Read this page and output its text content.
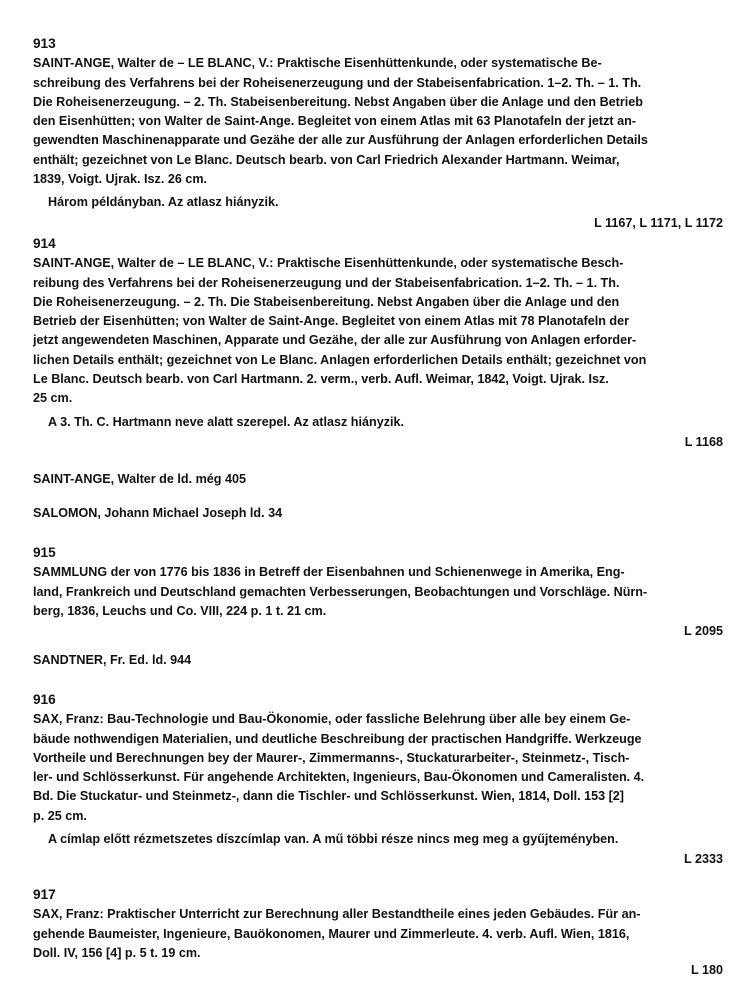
913
SAINT-ANGE, Walter de – LE BLANC, V.: Praktische Eisenhüttenkunde, oder systematische Be-
schreibung des Verfahrens bei der Roheisenerzeugung und der Stabeisenfabrication. 1–2. Th. – 1. Th.
Die Roheisenerzeugung. – 2. Th. Stabeisenbereitung. Nebst Angaben über die Anlage und den Betrieb
den Eisenhütten; von Walter de Saint-Ange. Begleitet von einem Atlas mit 63 Planotafeln der jetzt an-
gewendten Maschinenapparate und Gezähe der alle zur Ausführung der Anlagen erforderlichen Details
enthält; gezeichnet von Le Blanc. Deutsch bearb. von Carl Friedrich Alexander Hartmann. Weimar,
1839, Voigt. Ujrak. Isz. 26 cm.
Három példányban. Az atlasz hiányzik.
L 1167, L 1171, L 1172
914
SAINT-ANGE, Walter de – LE BLANC, V.: Praktische Eisenhüttenkunde, oder systematische Besch-
reibung des Verfahrens bei der Roheisenerzeugung und der Stabeisenfabrication. 1–2. Th. – 1. Th.
Die Roheisenerzeugung. – 2. Th. Die Stabeisenbereitung. Nebst Angaben über die Anlage und den
Betrieb der Eisenhütten; von Walter de Saint-Ange. Begleitet von einem Atlas mit 78 Planotafeln der
jetzt angewendeten Maschinen, Apparate und Gezähe, der alle zur Ausführung von Anlagen erforder-
lichen Details enthält; gezeichnet von Le Blanc. Anlagen erforderlichen Details enthält; gezeichnet von
Le Blanc. Deutsch bearb. von Carl Hartmann. 2. verm., verb. Aufl. Weimar, 1842, Voigt. Ujrak. Isz.
25 cm.
A 3. Th. C. Hartmann neve alatt szerepel. Az atlasz hiányzik.
L 1168
SAINT-ANGE, Walter de ld. még 405
SALOMON, Johann Michael Joseph ld. 34
915
SAMMLUNG der von 1776 bis 1836 in Betreff der Eisenbahnen und Schienenwege in Amerika, Eng-
land, Frankreich und Deutschland gemachten Verbesserungen, Beobachtungen und Vorschläge. Nürn-
berg, 1836, Leuchs und Co. VIII, 224 p. 1 t. 21 cm.
L 2095
SANDTNER, Fr. Ed. ld. 944
916
SAX, Franz: Bau-Technologie und Bau-Ökonomie, oder fassliche Belehrung über alle bey einem Ge-
bäude nothwendigen Materialien, und deutliche Beschreibung der practischen Handgriffe. Werkzeuge
Vortheile und Berechnungen bey der Maurer-, Zimmermanns-, Stuckaturarbeiter-, Steinmetz-, Tisch-
ler- und Schlösserkunst. Für angehende Architekten, Ingenieurs, Bau-Ökonomen und Cameralisten. 4.
Bd. Die Stuckatur- und Steinmetz-, dann die Tischler- und Schlösserkunst. Wien, 1814, Doll. 153 [2]
p. 25 cm.
A címlap előtt rézmetszetes díszcímlap van. A mű többi része nincs meg meg a gyűjteményben.
L 2333
917
SAX, Franz: Praktischer Unterricht zur Berechnung aller Bestandtheile eines jeden Gebäudes. Für an-
gehende Baumeister, Ingenieure, Bauökonomen, Maurer und Zimmerleute. 4. verb. Aufl. Wien, 1816,
Doll. IV, 156 [4] p. 5 t. 19 cm.
L 180
